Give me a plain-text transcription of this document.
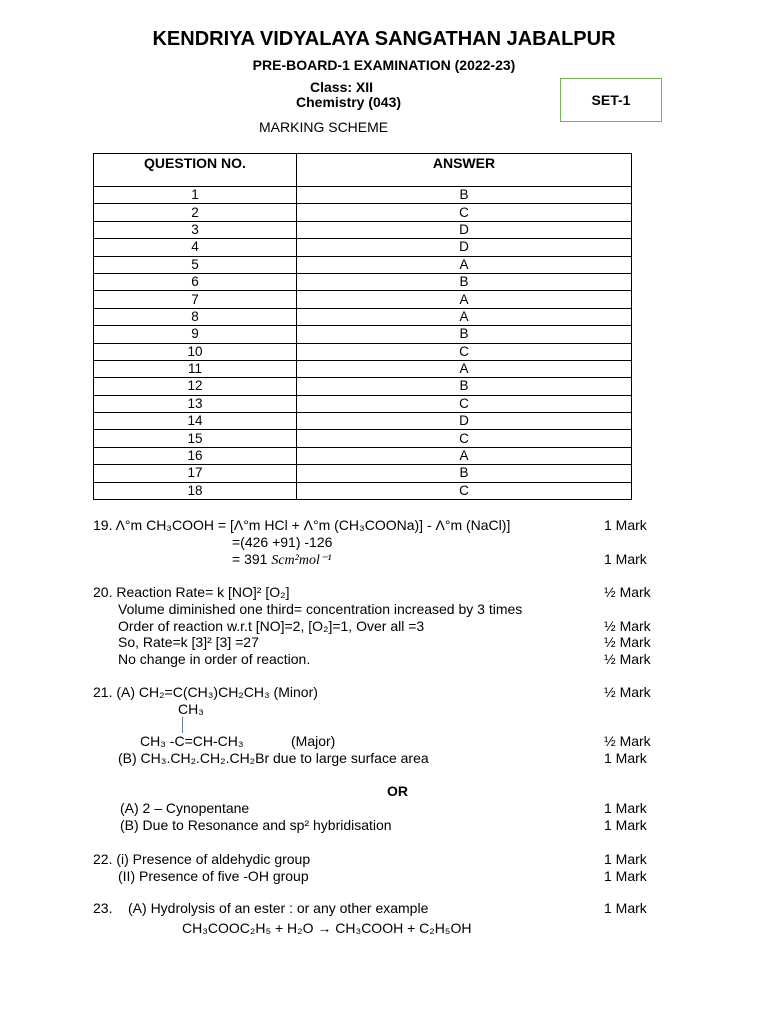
KENDRIYA VIDYALAYA SANGATHAN JABALPUR
PRE-BOARD-1 EXAMINATION (2022-23)
Class: XII
Chemistry (043)
MARKING SCHEME
SET-1
QUESTION NO.	ANSWER
1	B
2	C
3	D
4	D
5	A
6	B
7	A
8	A
9	B
10	C
11	A
12	B
13	C
14	D
15	C
16	A
17	B
18	C
19. Λ°m CH₃COOH = [Λ°m HCl + Λ°m (CH₃COONa)] - Λ°m (NaCl)]	1 Mark
=(426 +91) -126
= 391 Scm²mol⁻¹	1 Mark
20. Reaction Rate= k [NO]² [O₂]	½ Mark
Volume diminished one third= concentration increased by 3 times
Order of reaction w.r.t [NO]=2, [O₂]=1, Over all =3	½ Mark
So, Rate=k [3]² [3] =27	½ Mark
No change in order of reaction.	½ Mark
21. (A) CH₂=C(CH₃)CH₂CH₃ (Minor)	½ Mark
CH₃
CH₃ -C=CH-CH₃	(Major)	½ Mark
(B) CH₃.CH₂.CH₂.CH₂Br due to large surface area	1 Mark
OR
(A) 2 – Cynopentane	1 Mark
(B) Due to Resonance and sp² hybridisation	1 Mark
22. (i) Presence of aldehydic group	1 Mark
(II) Presence of five -OH group	1 Mark
23.    (A) Hydrolysis of an ester : or any other example	1 Mark
CH₃COOC₂H₅ + H₂O → CH₃COOH + C₂H₅OH
